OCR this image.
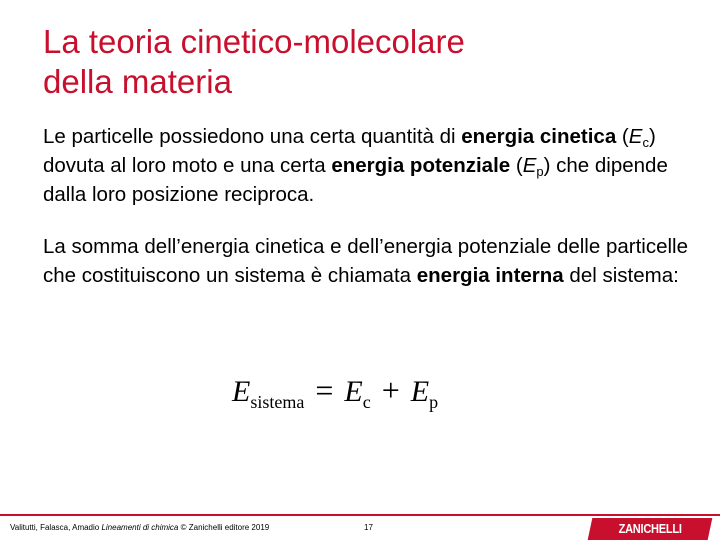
La teoria cinetico-molecolare
della materia

Le particelle possiedono una certa quantità di energia cinetica $(E_c)$ dovuta al loro moto e una certa energia potenziale $(E_p)$ che dipende dalla loro posizione reciproca.

La somma dell’energia cinetica e dell’energia potenziale delle particelle che costituiscono un sistema è chiamata energia interna del sistema:

Esistema = Ec + Ep
Valitutti, Falasca, Amadio Lineamenti di chimica © Zanichelli editore 2019	17	ZANICHELLI
